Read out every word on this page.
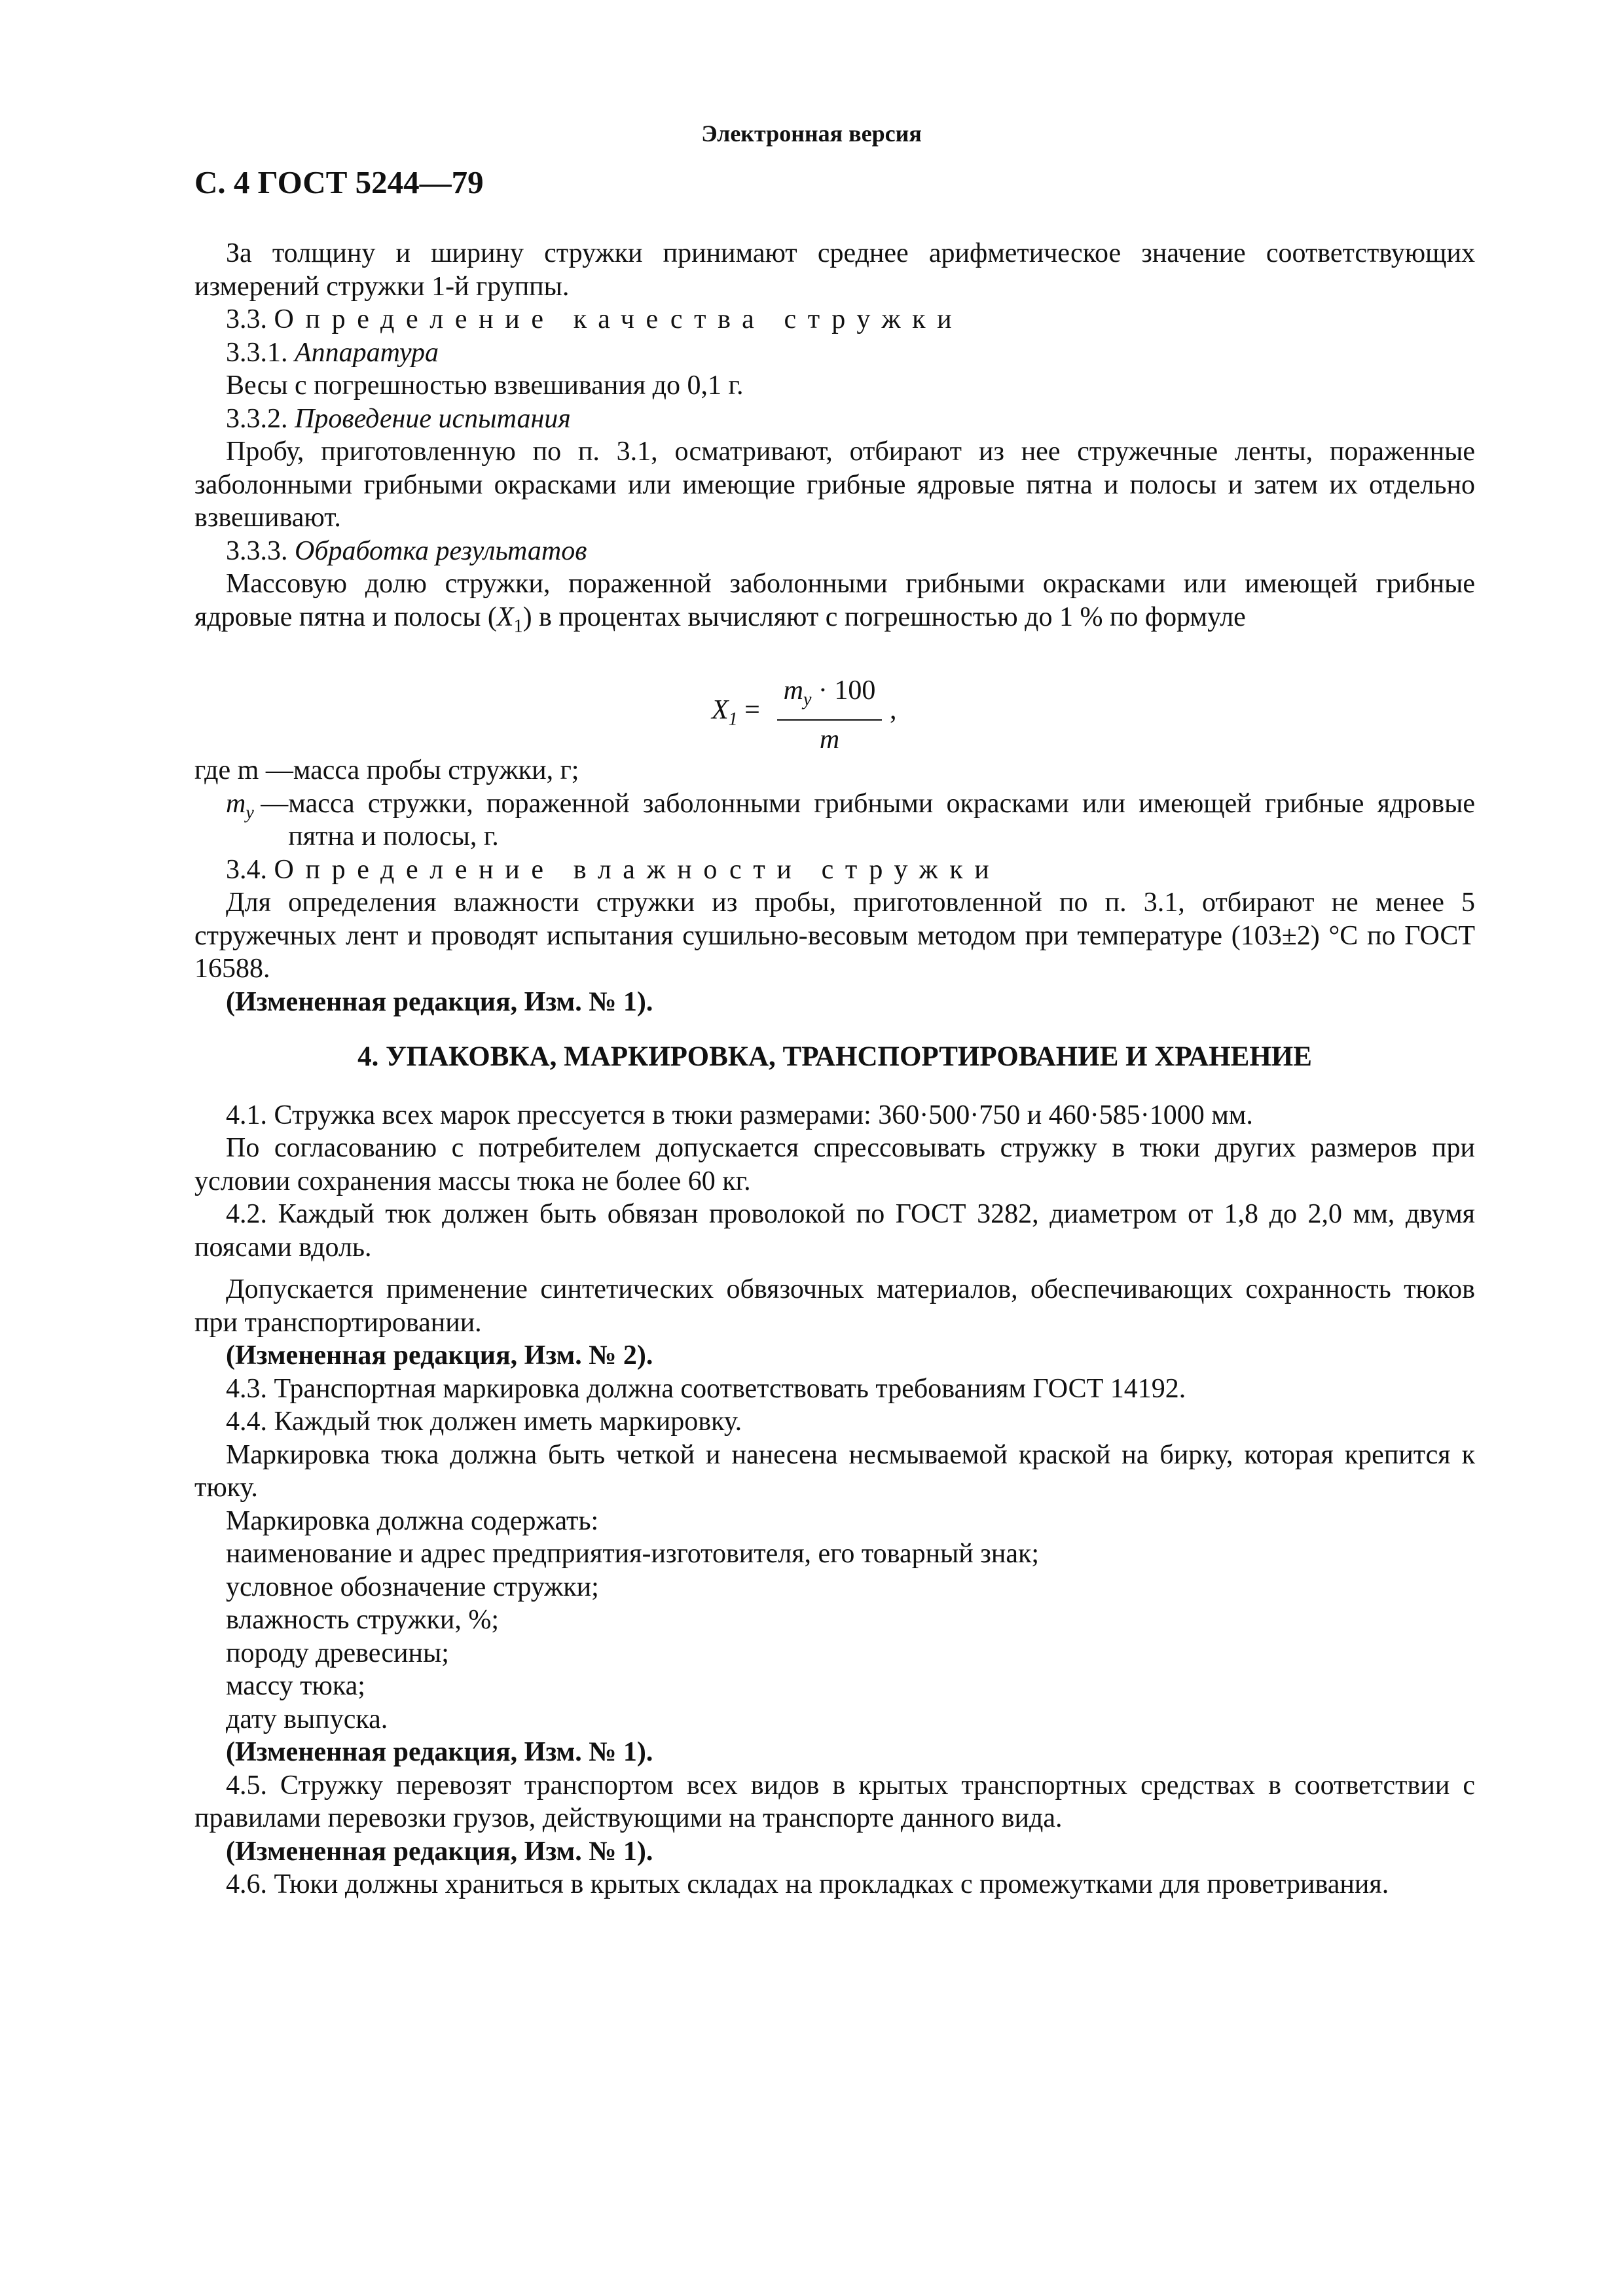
Электронная версия
С. 4 ГОСТ 5244—79

За толщину и ширину стружки принимают среднее арифметическое значение соответствующих измерений стружки 1-й группы.

3.3. Определение качества стружки

3.3.1. Аппаратура

Весы с погрешностью взвешивания до 0,1 г.

3.3.2. Проведение испытания

Пробу, приготовленную по п. 3.1, осматривают, отбирают из нее стружечные ленты, пораженные заболонными грибными окрасками или имеющие грибные ядровые пятна и полосы и затем их отдельно взвешивают.

3.3.3. Обработка результатов

Массовую долю стружки, пораженной заболонными грибными окрасками или имеющей грибные ядровые пятна и полосы $(X_1)$ в процентах вычисляют с погрешностью до 1 % по формуле

$X_1$ =
$m_у \cdot 100$
m
,
где m — масса пробы стружки, г;
$m_у$ — масса стружки, пораженной заболонными грибными окрасками или имеющей грибные ядровые пятна и полосы, г.

3.4. Определение влажности стружки

Для определения влажности стружки из пробы, приготовленной по п. 3.1, отбирают не менее 5 стружечных лент и проводят испытания сушильно-весовым методом при температуре (103±2) °С по ГОСТ 16588.

(Измененная редакция, Изм. № 1).

4. УПАКОВКА, МАРКИРОВКА, ТРАНСПОРТИРОВАНИЕ И ХРАНЕНИЕ

4.1. Стружка всех марок прессуется в тюки размерами: 360·500·750 и 460·585·1000 мм.

По согласованию с потребителем допускается спрессовывать стружку в тюки других размеров при условии сохранения массы тюка не более 60 кг.

4.2. Каждый тюк должен быть обвязан проволокой по ГОСТ 3282, диаметром от 1,8 до 2,0 мм, двумя поясами вдоль.

Допускается применение синтетических обвязочных материалов, обеспечивающих сохранность тюков при транспортировании.

(Измененная редакция, Изм. № 2).

4.3. Транспортная маркировка должна соответствовать требованиям ГОСТ 14192.

4.4. Каждый тюк должен иметь маркировку.

Маркировка тюка должна быть четкой и нанесена несмываемой краской на бирку, которая крепится к тюку.

Маркировка должна содержать:

наименование и адрес предприятия-изготовителя, его товарный знак;

условное обозначение стружки;

влажность стружки, %;

породу древесины;

массу тюка;

дату выпуска.

(Измененная редакция, Изм. № 1).

4.5. Стружку перевозят транспортом всех видов в крытых транспортных средствах в соответствии с правилами перевозки грузов, действующими на транспорте данного вида.

(Измененная редакция, Изм. № 1).

4.6. Тюки должны храниться в крытых складах на прокладках с промежутками для проветривания.
